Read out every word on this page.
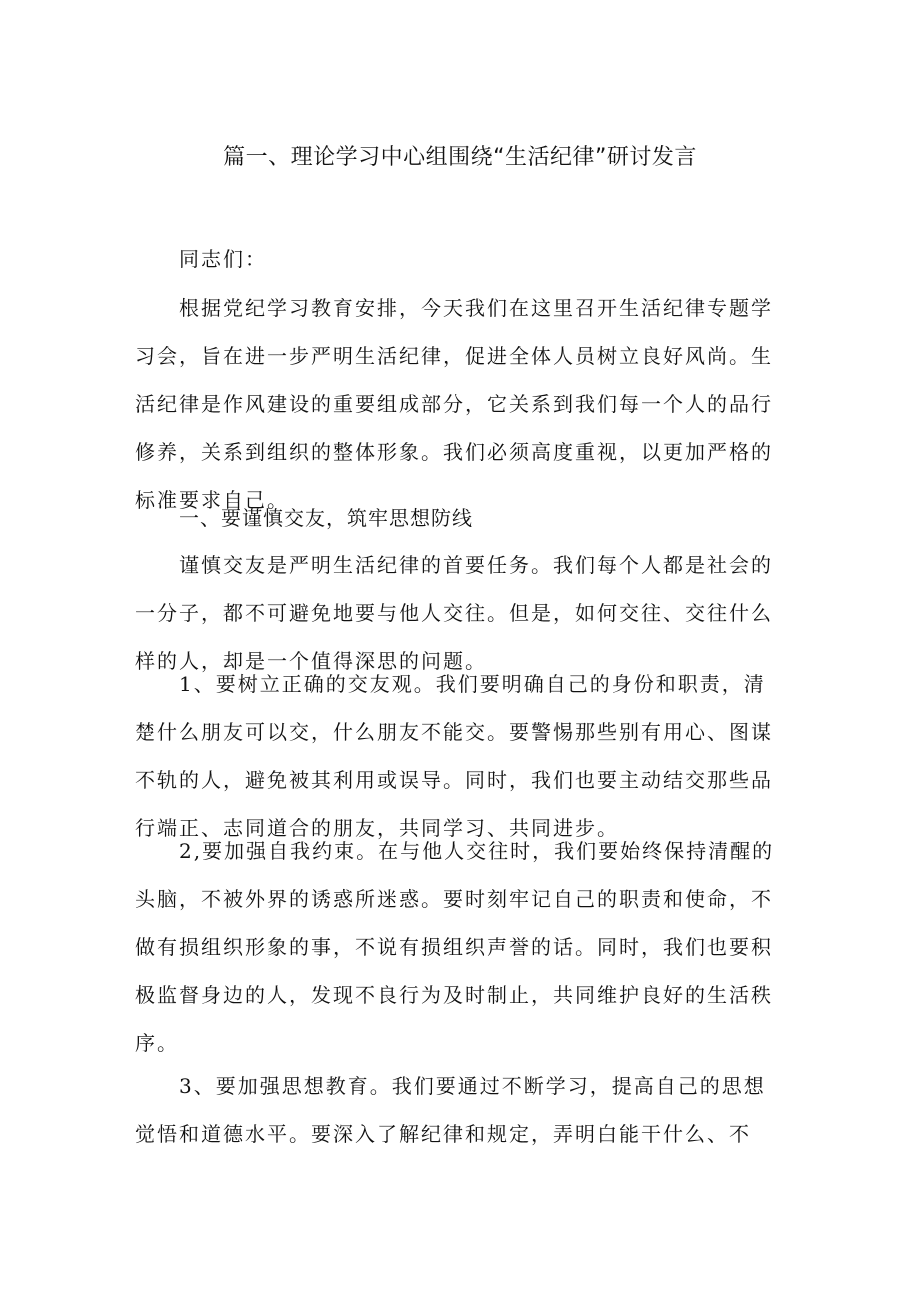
篇一、理论学习中心组围绕“生活纪律”研讨发言

同志们：

根据党纪学习教育安排，今天我们在这里召开生活纪律专题学习会，旨在进一步严明生活纪律，促进全体人员树立良好风尚。生活纪律是作风建设的重要组成部分，它关系到我们每一个人的品行修养，关系到组织的整体形象。我们必须高度重视，以更加严格的标准要求自己。

一、要谨慎交友，筑牢思想防线

谨慎交友是严明生活纪律的首要任务。我们每个人都是社会的一分子，都不可避免地要与他人交往。但是，如何交往、交往什么样的人，却是一个值得深思的问题。

1、要树立正确的交友观。我们要明确自己的身份和职责，清楚什么朋友可以交，什么朋友不能交。要警惕那些别有用心、图谋不轨的人，避免被其利用或误导。同时，我们也要主动结交那些品行端正、志同道合的朋友，共同学习、共同进步。

2,要加强自我约束。在与他人交往时，我们要始终保持清醒的头脑，不被外界的诱惑所迷惑。要时刻牢记自己的职责和使命，不做有损组织形象的事，不说有损组织声誉的话。同时，我们也要积极监督身边的人，发现不良行为及时制止，共同维护良好的生活秩序。

3、要加强思想教育。我们要通过不断学习，提高自己的思想觉悟和道德水平。要深入了解纪律和规定，弄明白能干什么、不
